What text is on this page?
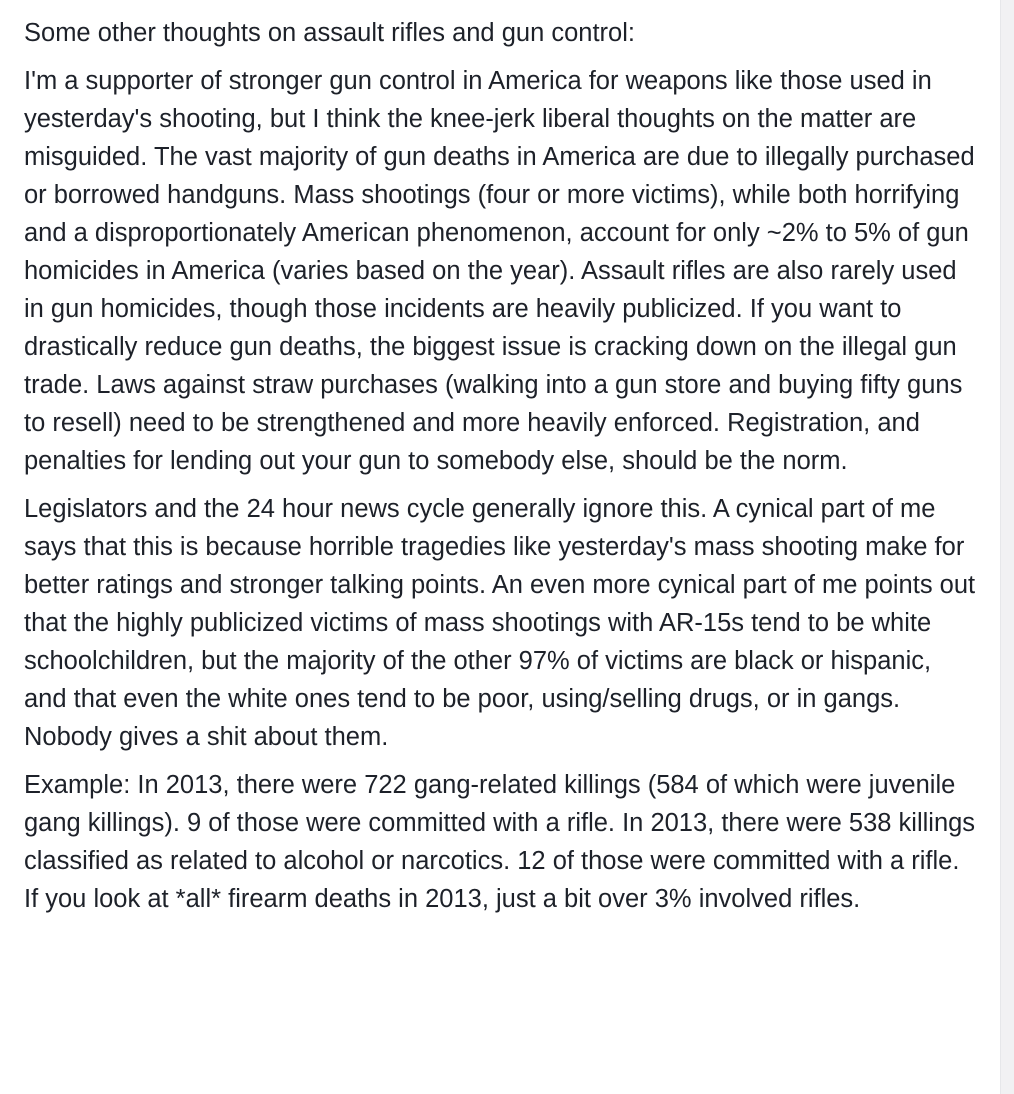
Some other thoughts on assault rifles and gun control:

I'm a supporter of stronger gun control in America for weapons like those used in yesterday's shooting, but I think the knee-jerk liberal thoughts on the matter are misguided. The vast majority of gun deaths in America are due to illegally purchased or borrowed handguns. Mass shootings (four or more victims), while both horrifying and a disproportionately American phenomenon, account for only ~2% to 5% of gun homicides in America (varies based on the year). Assault rifles are also rarely used in gun homicides, though those incidents are heavily publicized. If you want to drastically reduce gun deaths, the biggest issue is cracking down on the illegal gun trade. Laws against straw purchases (walking into a gun store and buying fifty guns to resell) need to be strengthened and more heavily enforced. Registration, and penalties for lending out your gun to somebody else, should be the norm.

Legislators and the 24 hour news cycle generally ignore this. A cynical part of me says that this is because horrible tragedies like yesterday's mass shooting make for better ratings and stronger talking points. An even more cynical part of me points out that the highly publicized victims of mass shootings with AR-15s tend to be white schoolchildren, but the majority of the other 97% of victims are black or hispanic, and that even the white ones tend to be poor, using/selling drugs, or in gangs. Nobody gives a shit about them.

Example: In 2013, there were 722 gang-related killings (584 of which were juvenile gang killings). 9 of those were committed with a rifle. In 2013, there were 538 killings classified as related to alcohol or narcotics. 12 of those were committed with a rifle. If you look at *all* firearm deaths in 2013, just a bit over 3% involved rifles.
